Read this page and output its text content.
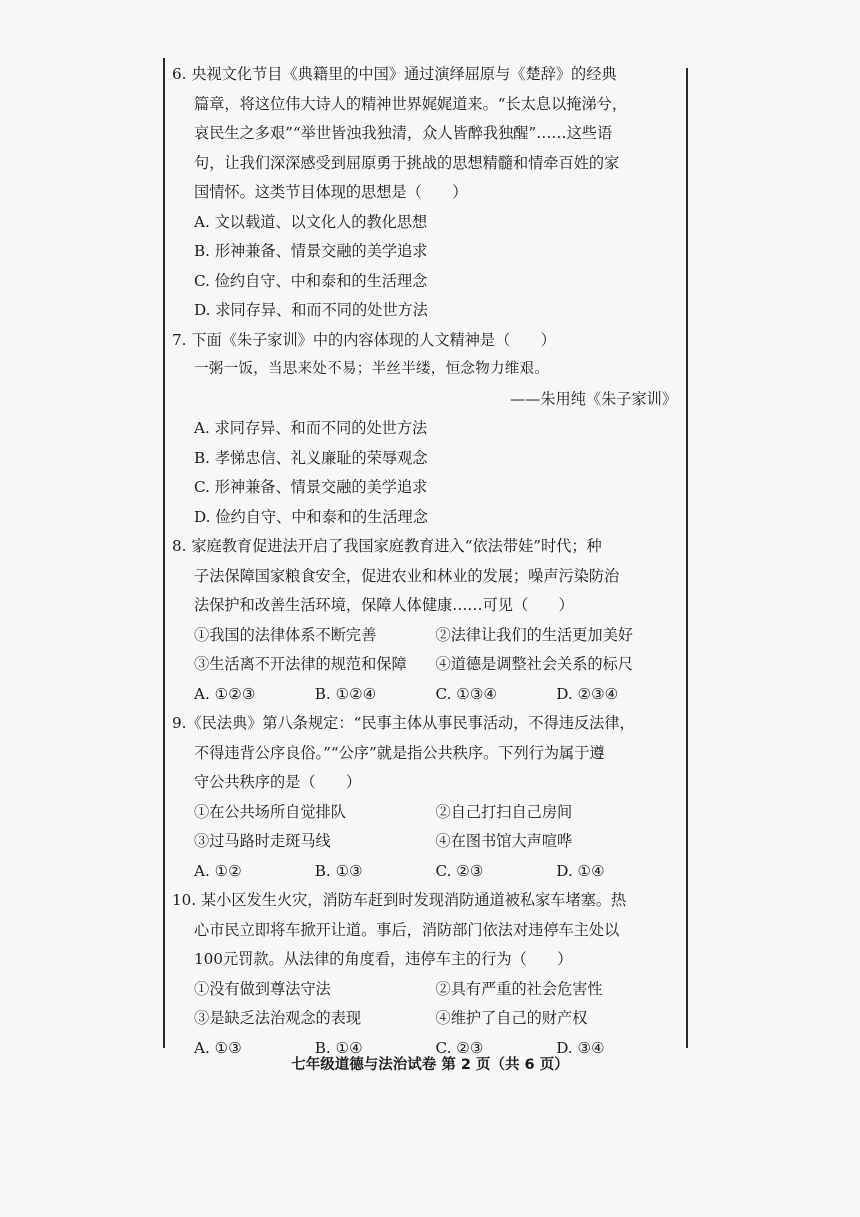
6. 央视文化节目《典籍里的中国》通过演绎屈原与《楚辞》的经典
篇章，将这位伟大诗人的精神世界娓娓道来。“长太息以掩涕兮，
哀民生之多艰”“举世皆浊我独清，众人皆醉我独醒”……这些语
句，让我们深深感受到屈原勇于挑战的思想精髓和情牵百姓的家
国情怀。这类节目体现的思想是（　　）
A. 文以载道、以文化人的教化思想
B. 形神兼备、情景交融的美学追求
C. 俭约自守、中和泰和的生活理念
D. 求同存异、和而不同的处世方法
7. 下面《朱子家训》中的内容体现的人文精神是（　　）
一粥一饭，当思来处不易；半丝半缕，恒念物力维艰。
——朱用纯《朱子家训》
A. 求同存异、和而不同的处世方法
B. 孝悌忠信、礼义廉耻的荣辱观念
C. 形神兼备、情景交融的美学追求
D. 俭约自守、中和泰和的生活理念
8. 家庭教育促进法开启了我国家庭教育进入“依法带娃”时代；种
子法保障国家粮食安全，促进农业和林业的发展；噪声污染防治
法保护和改善生活环境，保障人体健康……可见（　　）
①我国的法律体系不断完善	②法律让我们的生活更加美好
③生活离不开法律的规范和保障	④道德是调整社会关系的标尺
A. ①②③	B. ①②④	C. ①③④	D. ②③④
9.《民法典》第八条规定：“民事主体从事民事活动，不得违反法律，
不得违背公序良俗。”“公序”就是指公共秩序。下列行为属于遵
守公共秩序的是（　　）
①在公共场所自觉排队	②自己打扫自己房间
③过马路时走斑马线	④在图书馆大声喧哗
A. ①②	B. ①③	C. ②③	D. ①④
10. 某小区发生火灾，消防车赶到时发现消防通道被私家车堵塞。热
心市民立即将车掀开让道。事后，消防部门依法对违停车主处以
100元罚款。从法律的角度看，违停车主的行为（　　）
①没有做到尊法守法	②具有严重的社会危害性
③是缺乏法治观念的表现	④维护了自己的财产权
A. ①③	B. ①④	C. ②③	D. ③④
七年级道德与法治试卷 第 2 页（共 6 页）
